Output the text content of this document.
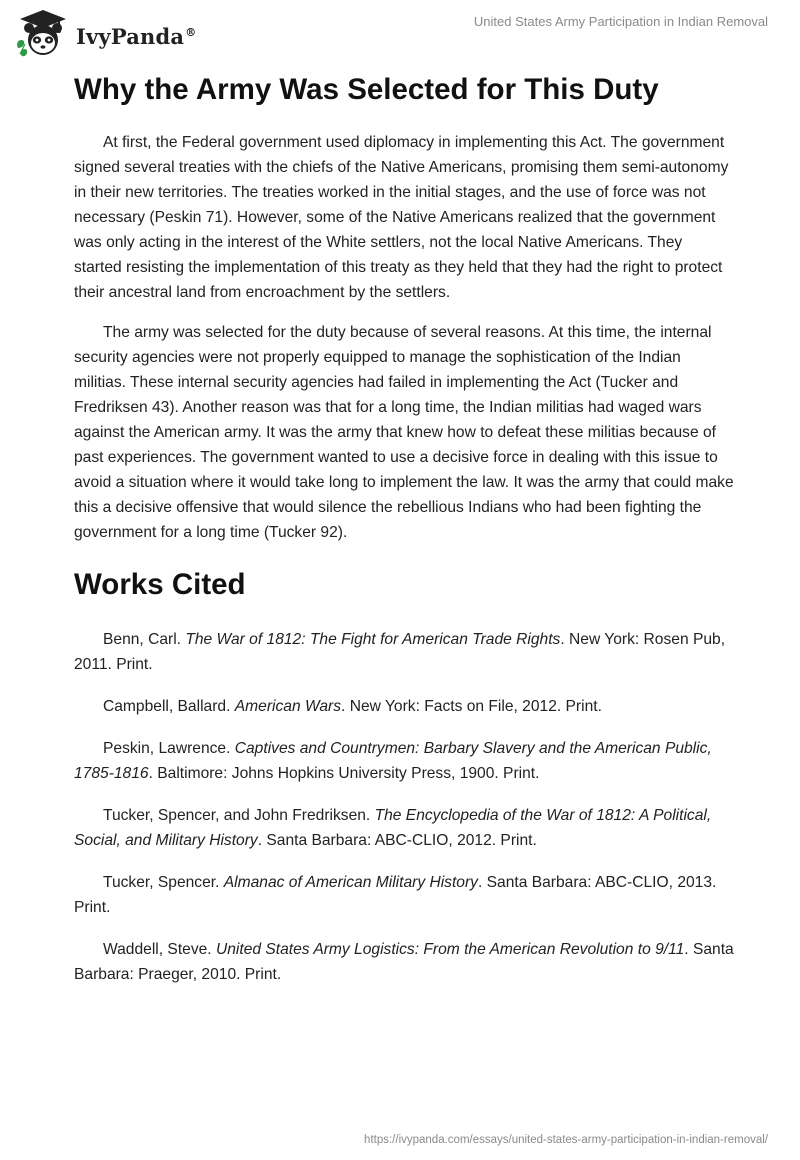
IvyPanda®
United States Army Participation in Indian Removal
Why the Army Was Selected for This Duty

At first, the Federal government used diplomacy in implementing this Act. The government signed several treaties with the chiefs of the Native Americans, promising them semi-autonomy in their new territories. The treaties worked in the initial stages, and the use of force was not necessary (Peskin 71). However, some of the Native Americans realized that the government was only acting in the interest of the White settlers, not the local Native Americans. They started resisting the implementation of this treaty as they held that they had the right to protect their ancestral land from encroachment by the settlers.

The army was selected for the duty because of several reasons. At this time, the internal security agencies were not properly equipped to manage the sophistication of the Indian militias. These internal security agencies had failed in implementing the Act (Tucker and Fredriksen 43). Another reason was that for a long time, the Indian militias had waged wars against the American army. It was the army that knew how to defeat these militias because of past experiences. The government wanted to use a decisive force in dealing with this issue to avoid a situation where it would take long to implement the law. It was the army that could make this a decisive offensive that would silence the rebellious Indians who had been fighting the government for a long time (Tucker 92).

Works Cited

Benn, Carl. The War of 1812: The Fight for American Trade Rights. New York: Rosen Pub, 2011. Print.

Campbell, Ballard. American Wars. New York: Facts on File, 2012. Print.

Peskin, Lawrence. Captives and Countrymen: Barbary Slavery and the American Public, 1785-1816. Baltimore: Johns Hopkins University Press, 1900. Print.

Tucker, Spencer, and John Fredriksen. The Encyclopedia of the War of 1812: A Political, Social, and Military History. Santa Barbara: ABC-CLIO, 2012. Print.

Tucker, Spencer. Almanac of American Military History. Santa Barbara: ABC-CLIO, 2013. Print.

Waddell, Steve. United States Army Logistics: From the American Revolution to 9/11. Santa Barbara: Praeger, 2010. Print.

https://ivypanda.com/essays/united-states-army-participation-in-indian-removal/
